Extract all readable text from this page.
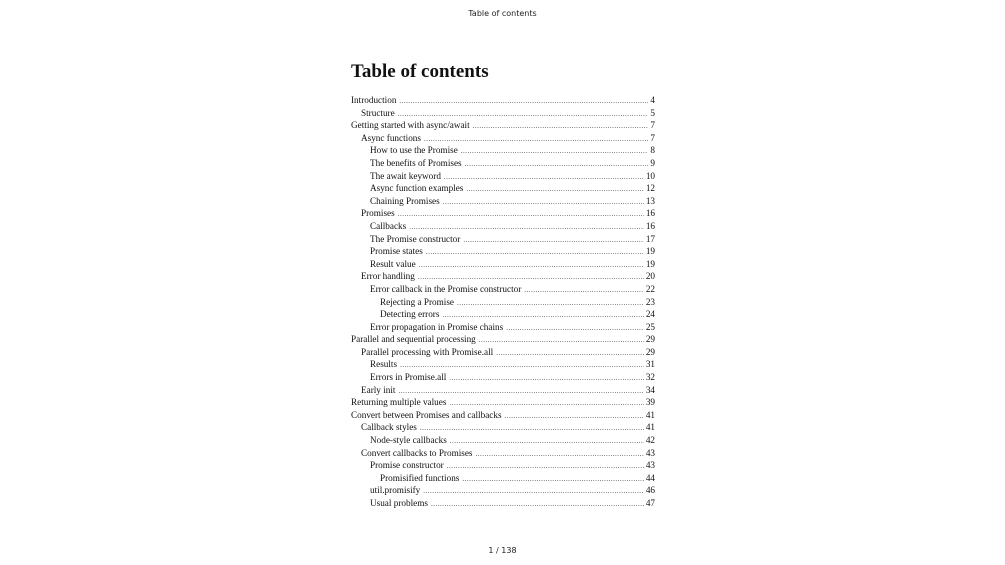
Table of contents
Table of contents
Introduction .....	4
Structure .....	5
Getting started with async/await .....	7
Async functions .....	7
How to use the Promise .....	8
The benefits of Promises .....	9
The await keyword .....	10
Async function examples .....	12
Chaining Promises .....	13
Promises .....	16
Callbacks .....	16
The Promise constructor .....	17
Promise states .....	19
Result value .....	19
Error handling .....	20
Error callback in the Promise constructor .....	22
Rejecting a Promise .....	23
Detecting errors .....	24
Error propagation in Promise chains .....	25
Parallel and sequential processing .....	29
Parallel processing with Promise.all .....	29
Results .....	31
Errors in Promise.all .....	32
Early init .....	34
Returning multiple values .....	39
Convert between Promises and callbacks .....	41
Callback styles .....	41
Node-style callbacks .....	42
Convert callbacks to Promises .....	43
Promise constructor .....	43
Promisified functions .....	44
util.promisify .....	46
Usual problems .....	47
1 / 138
